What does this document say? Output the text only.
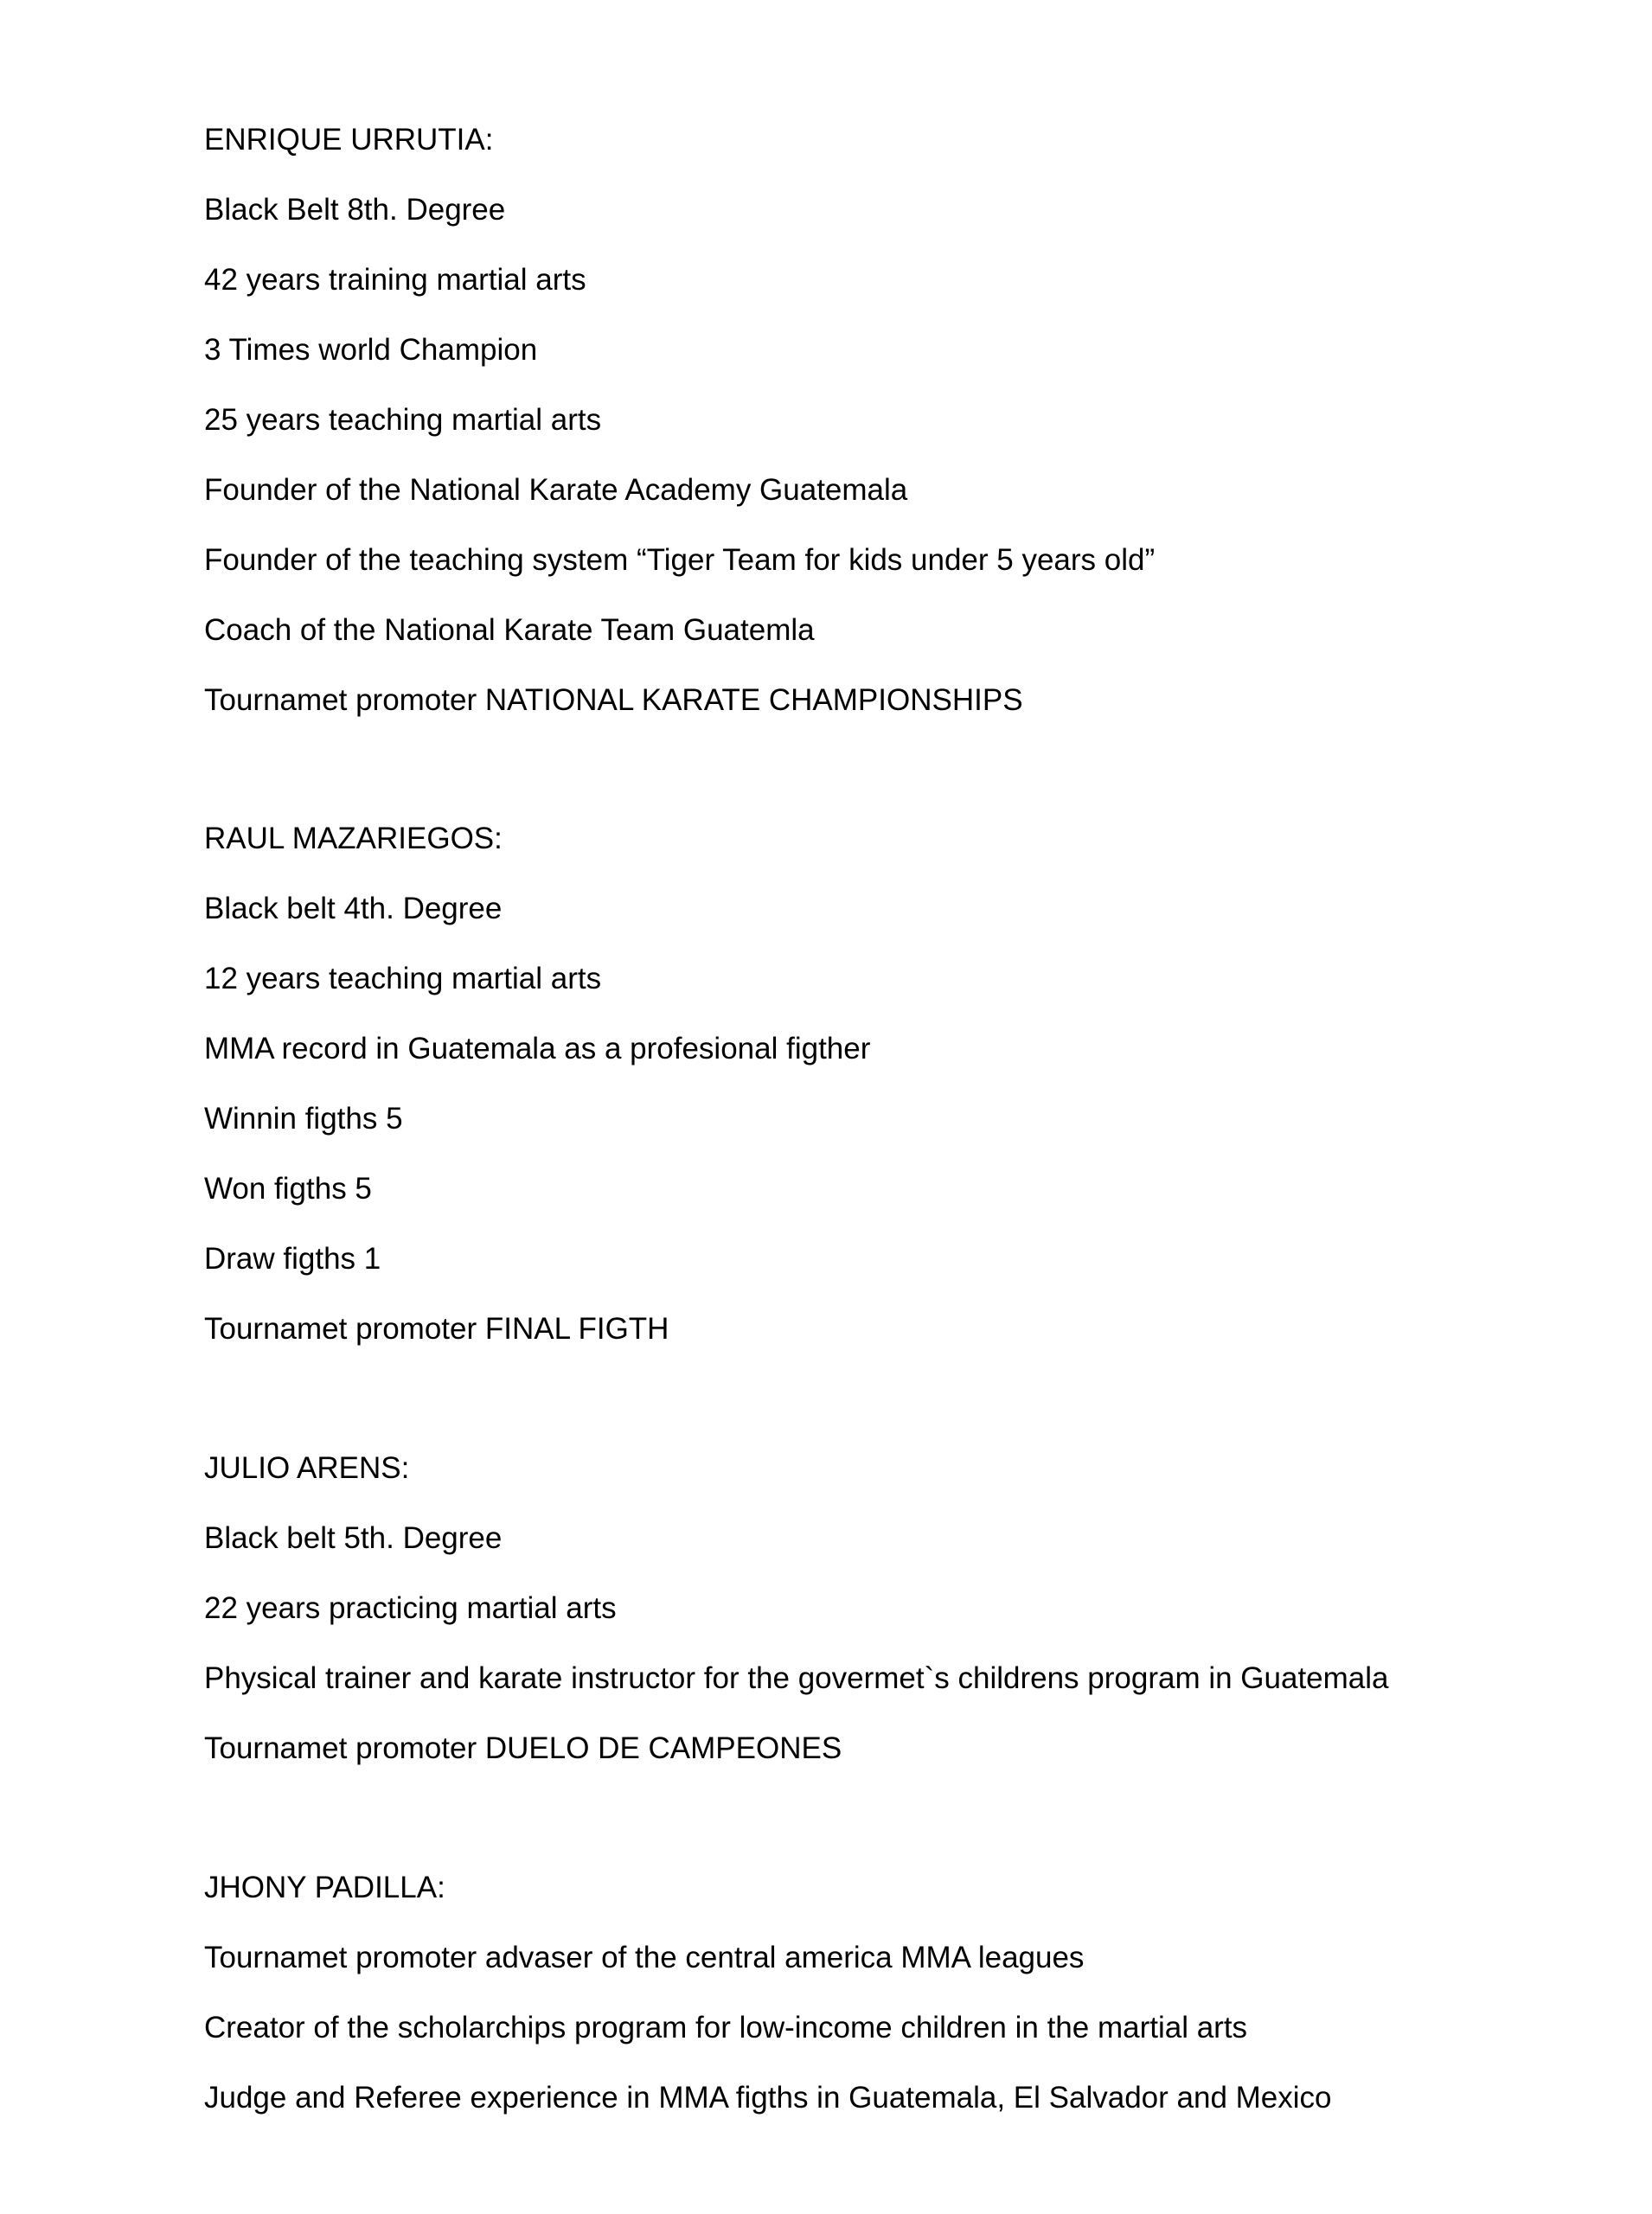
ENRIQUE URRUTIA:
Black Belt 8th. Degree
42 years training martial arts
3 Times world Champion
25 years teaching martial arts
Founder of the National Karate Academy Guatemala
Founder of the teaching system “Tiger Team for kids under 5 years old”
Coach of the National Karate Team Guatemla
Tournamet promoter NATIONAL KARATE CHAMPIONSHIPS
RAUL MAZARIEGOS:
Black belt 4th. Degree
12 years teaching martial arts
MMA record in Guatemala as a profesional figther
Winnin figths 5
Won figths 5
Draw figths 1
Tournamet promoter FINAL FIGTH
JULIO ARENS:
Black belt 5th. Degree
22 years practicing martial arts
Physical trainer and karate instructor for the govermet`s childrens program in Guatemala
Tournamet promoter DUELO DE CAMPEONES
JHONY PADILLA:
Tournamet promoter advaser of the central america MMA leagues
Creator of the scholarchips program for low-income children in the martial arts
Judge and Referee experience in MMA figths in Guatemala, El Salvador and Mexico
